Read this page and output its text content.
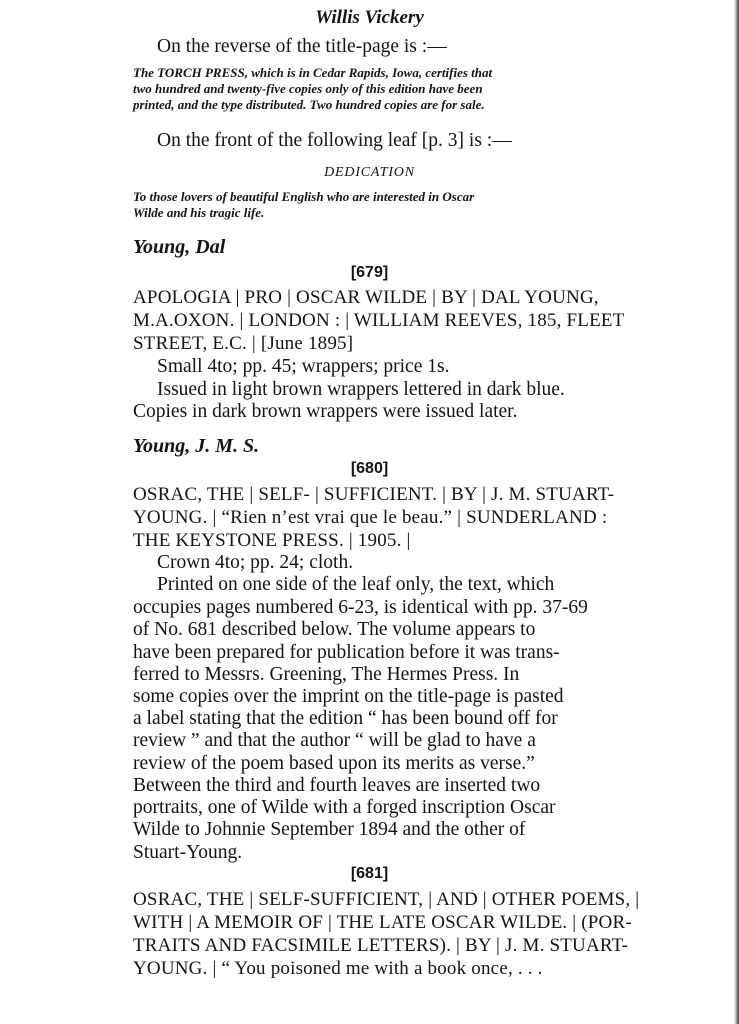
Willis Vickery
On the reverse of the title-page is :—
The TORCH PRESS, which is in Cedar Rapids, Iowa, certifies that
two hundred and twenty-five copies only of this edition have been
printed, and the type distributed. Two hundred copies are for sale.
On the front of the following leaf [p. 3] is :—
DEDICATION
To those lovers of beautiful English who are interested in Oscar
Wilde and his tragic life.
Young, Dal
[679]
APOLOGIA | PRO | OSCAR WILDE | BY | DAL YOUNG,
M.A.OXON. | LONDON : | WILLIAM REEVES, 185, FLEET
STREET, E.C. | [June 1895]
Small 4to; pp. 45; wrappers; price 1s.
Issued in light brown wrappers lettered in dark blue.
Copies in dark brown wrappers were issued later.
Young, J. M. S.
[680]
OSRAC, THE | SELF- | SUFFICIENT. | BY | J. M. STUART-
YOUNG. | “Rien n’est vrai que le beau.” | SUNDERLAND :
THE KEYSTONE PRESS. | 1905. |
Crown 4to; pp. 24; cloth.
Printed on one side of the leaf only, the text, which
occupies pages numbered 6-23, is identical with pp. 37-69
of No. 681 described below. The volume appears to
have been prepared for publication before it was trans-
ferred to Messrs. Greening, The Hermes Press. In
some copies over the imprint on the title-page is pasted
a label stating that the edition “ has been bound off for
review ” and that the author “ will be glad to have a
review of the poem based upon its merits as verse.”
Between the third and fourth leaves are inserted two
portraits, one of Wilde with a forged inscription Oscar
Wilde to Johnnie September 1894 and the other of
Stuart-Young.
[681]
OSRAC, THE | SELF-SUFFICIENT, | AND | OTHER POEMS, |
WITH | A MEMOIR OF | THE LATE OSCAR WILDE. | (POR-
TRAITS AND FACSIMILE LETTERS). | BY | J. M. STUART-
YOUNG. | “ You poisoned me with a book once, . . .
